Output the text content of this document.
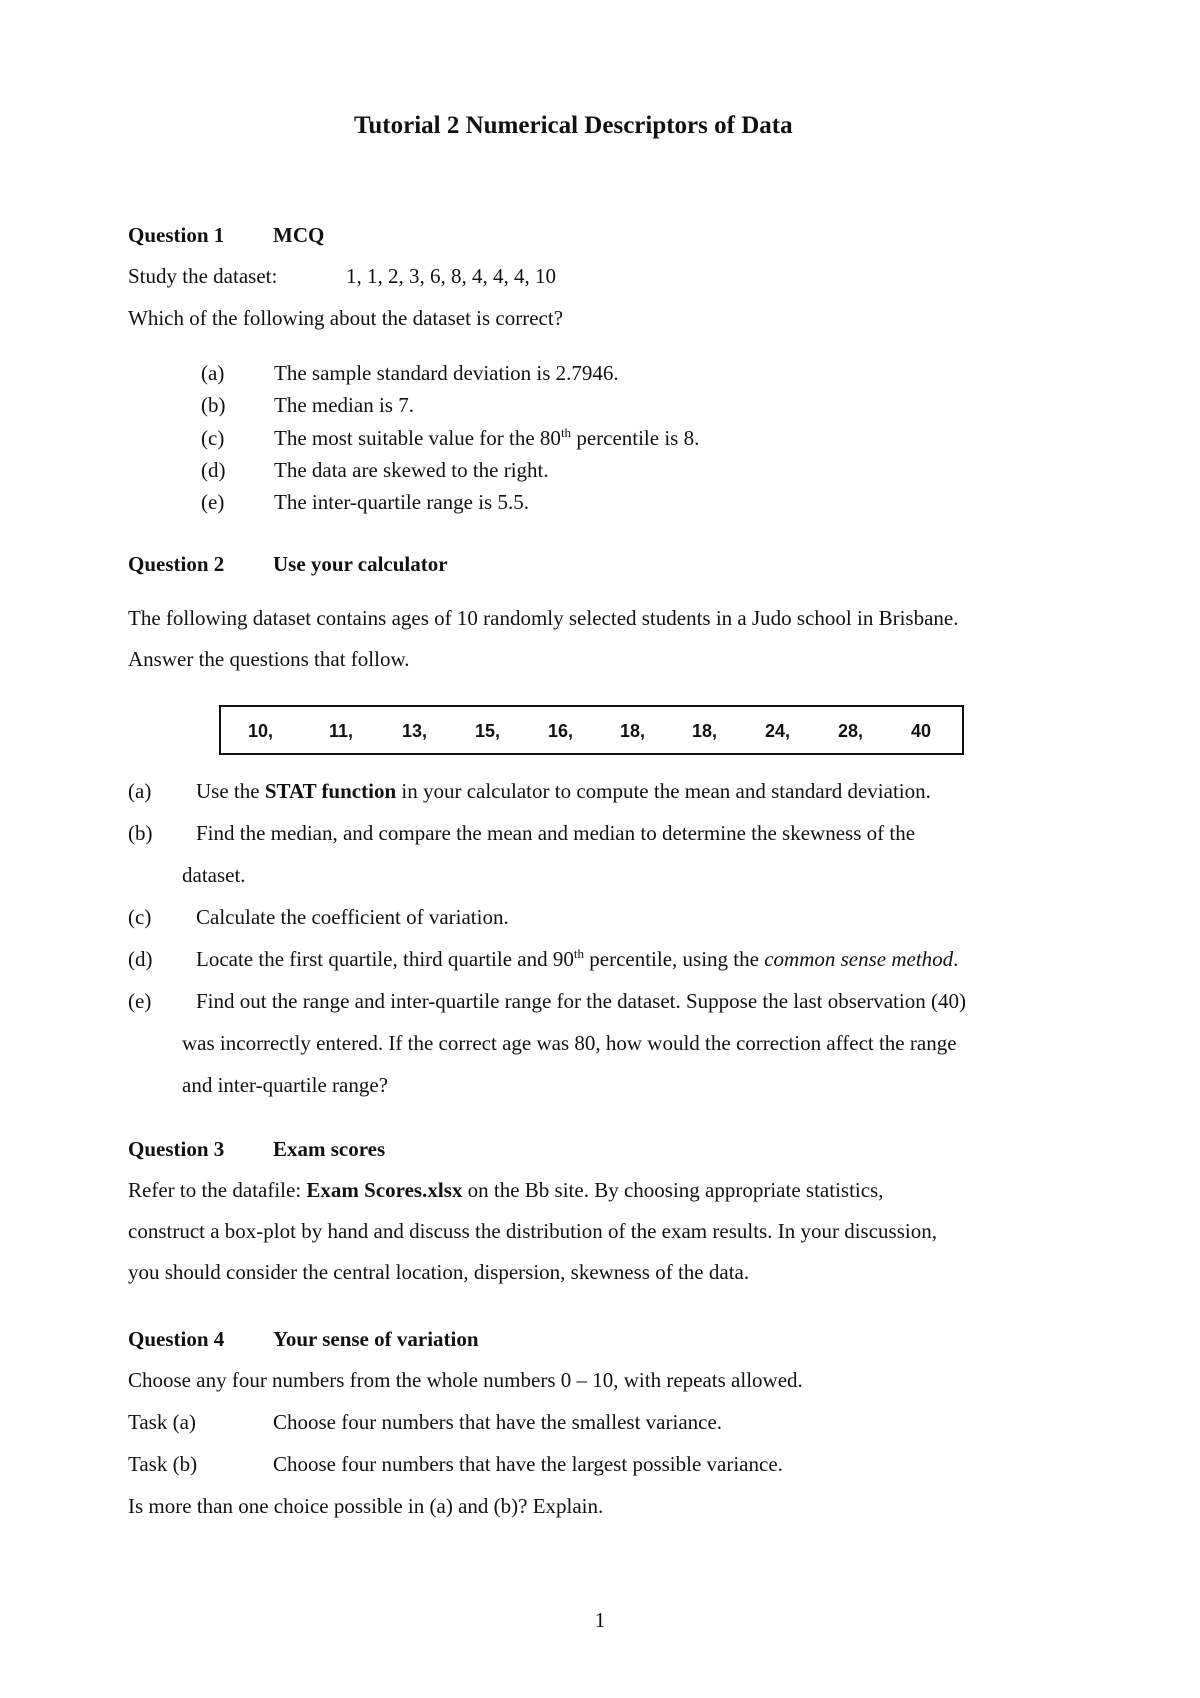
Tutorial 2 Numerical Descriptors of Data
Question 1 MCQ
Study the dataset:	1, 1, 2, 3, 6, 8, 4, 4, 4, 10
Which of the following about the dataset is correct?
(a) The sample standard deviation is 2.7946.
(b) The median is 7.
(c) The most suitable value for the 80th percentile is 8.
(d) The data are skewed to the right.
(e) The inter-quartile range is 5.5.
Question 2 Use your calculator
The following dataset contains ages of 10 randomly selected students in a Judo school in Brisbane.
Answer the questions that follow.
10,	11,	13,	15,	16,	18,	18,	24,	28,	40
(a) Use the STAT function in your calculator to compute the mean and standard deviation.
(b) Find the median, and compare the mean and median to determine the skewness of the
dataset.
(c) Calculate the coefficient of variation.
(d) Locate the first quartile, third quartile and 90th percentile, using the common sense method.
(e) Find out the range and inter-quartile range for the dataset. Suppose the last observation (40)
was incorrectly entered. If the correct age was 80, how would the correction affect the range
and inter-quartile range?
Question 3 Exam scores
Refer to the datafile: Exam Scores.xlsx on the Bb site. By choosing appropriate statistics,
construct a box-plot by hand and discuss the distribution of the exam results. In your discussion,
you should consider the central location, dispersion, skewness of the data.
Question 4 Your sense of variation
Choose any four numbers from the whole numbers 0 – 10, with repeats allowed.
Task (a)	Choose four numbers that have the smallest variance.
Task (b)	Choose four numbers that have the largest possible variance.
Is more than one choice possible in (a) and (b)? Explain.
1
